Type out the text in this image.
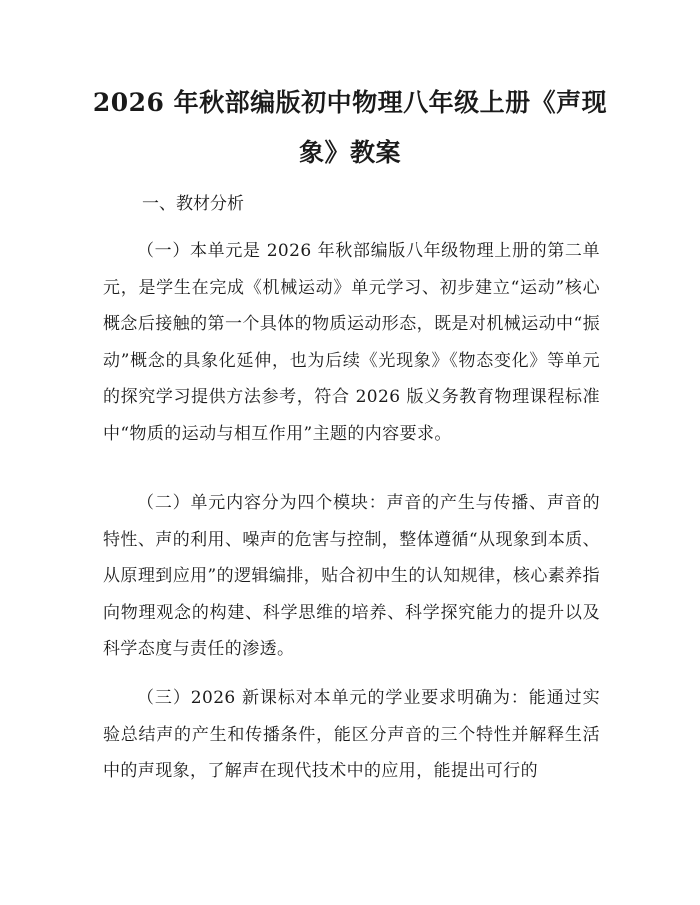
2026 年秋部编版初中物理八年级上册《声现象》教案
一、教材分析

（一）本单元是 2026 年秋部编版八年级物理上册的第二单元，是学生在完成《机械运动》单元学习、初步建立“运动”核心概念后接触的第一个具体的物质运动形态，既是对机械运动中“振动”概念的具象化延伸，也为后续《光现象》《物态变化》等单元的探究学习提供方法参考，符合 2026 版义务教育物理课程标准中“物质的运动与相互作用”主题的内容要求。

（二）单元内容分为四个模块：声音的产生与传播、声音的特性、声的利用、噪声的危害与控制，整体遵循“从现象到本质、从原理到应用”的逻辑编排，贴合初中生的认知规律，核心素养指向物理观念的构建、科学思维的培养、科学探究能力的提升以及科学态度与责任的渗透。

（三）2026 新课标对本单元的学业要求明确为：能通过实验总结声的产生和传播条件，能区分声音的三个特性并解释生活中的声现象，了解声在现代技术中的应用，能提出可行的
